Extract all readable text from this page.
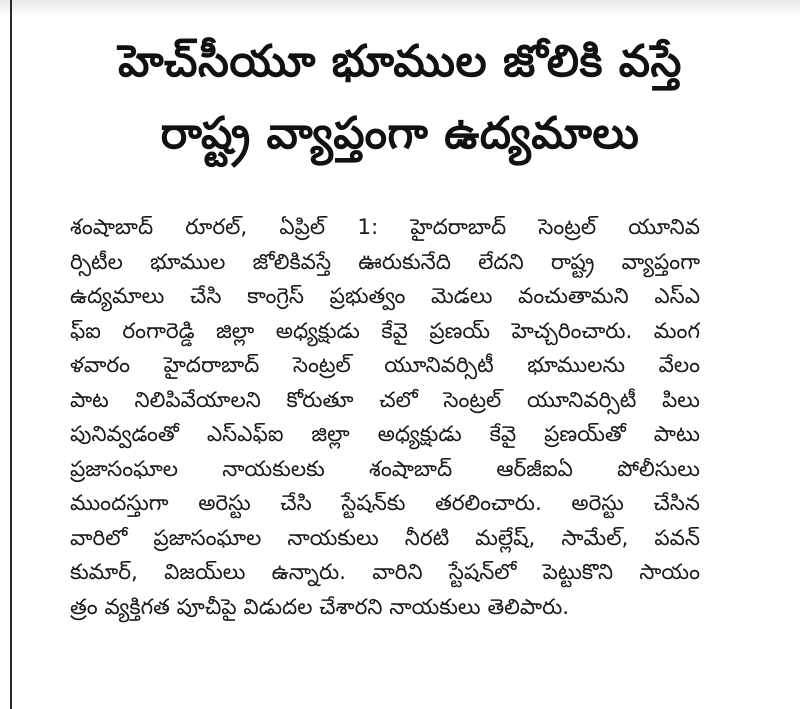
హెచ్‌సీయూ భూముల జోలికి వస్తే
రాష్ట్ర వ్యాప్తంగా ఉద్యమాలు
శంషాబాద్ రూరల్, ఏప్రిల్ 1: హైదరాబాద్ సెంట్రల్ యూనివ
ర్సిటీల భూముల జోలికివస్తే ఊరుకునేది లేదని రాష్ట్ర వ్యాప్తంగా
ఉద్యమాలు చేసి కాంగ్రెస్ ప్రభుత్వం మెడలు వంచుతామని ఎస్ఎ
ఫ్ఐ రంగారెడ్డి జిల్లా అధ్యక్షుడు కేవై ప్రణయ్ హెచ్చరించారు. మంగ
ళవారం హైదరాబాద్ సెంట్రల్ యూనివర్సిటీ భూములను వేలం
పాట నిలిపివేయాలని కోరుతూ చలో సెంట్రల్ యూనివర్సిటీ పిలు
పునివ్వడంతో ఎస్ఎఫ్ఐ జిల్లా అధ్యక్షుడు కేవై ప్రణయ్‌తో పాటు
ప్రజాసంఘాల నాయకులకు శంషాబాద్ ఆర్‌జీఐఏ పోలీసులు
ముందస్తుగా అరెస్టు చేసి స్టేషన్‌కు తరలించారు. అరెస్టు చేసిన
వారిలో ప్రజాసంఘాల నాయకులు నీరటి మల్లేష్, సామేల్, పవన్
కుమార్, విజయ్‌లు ఉన్నారు. వారిని స్టేషన్‌లో పెట్టుకొని సాయం
త్రం వ్యక్తిగత పూచీపై విడుదల చేశారని నాయకులు తెలిపారు.
